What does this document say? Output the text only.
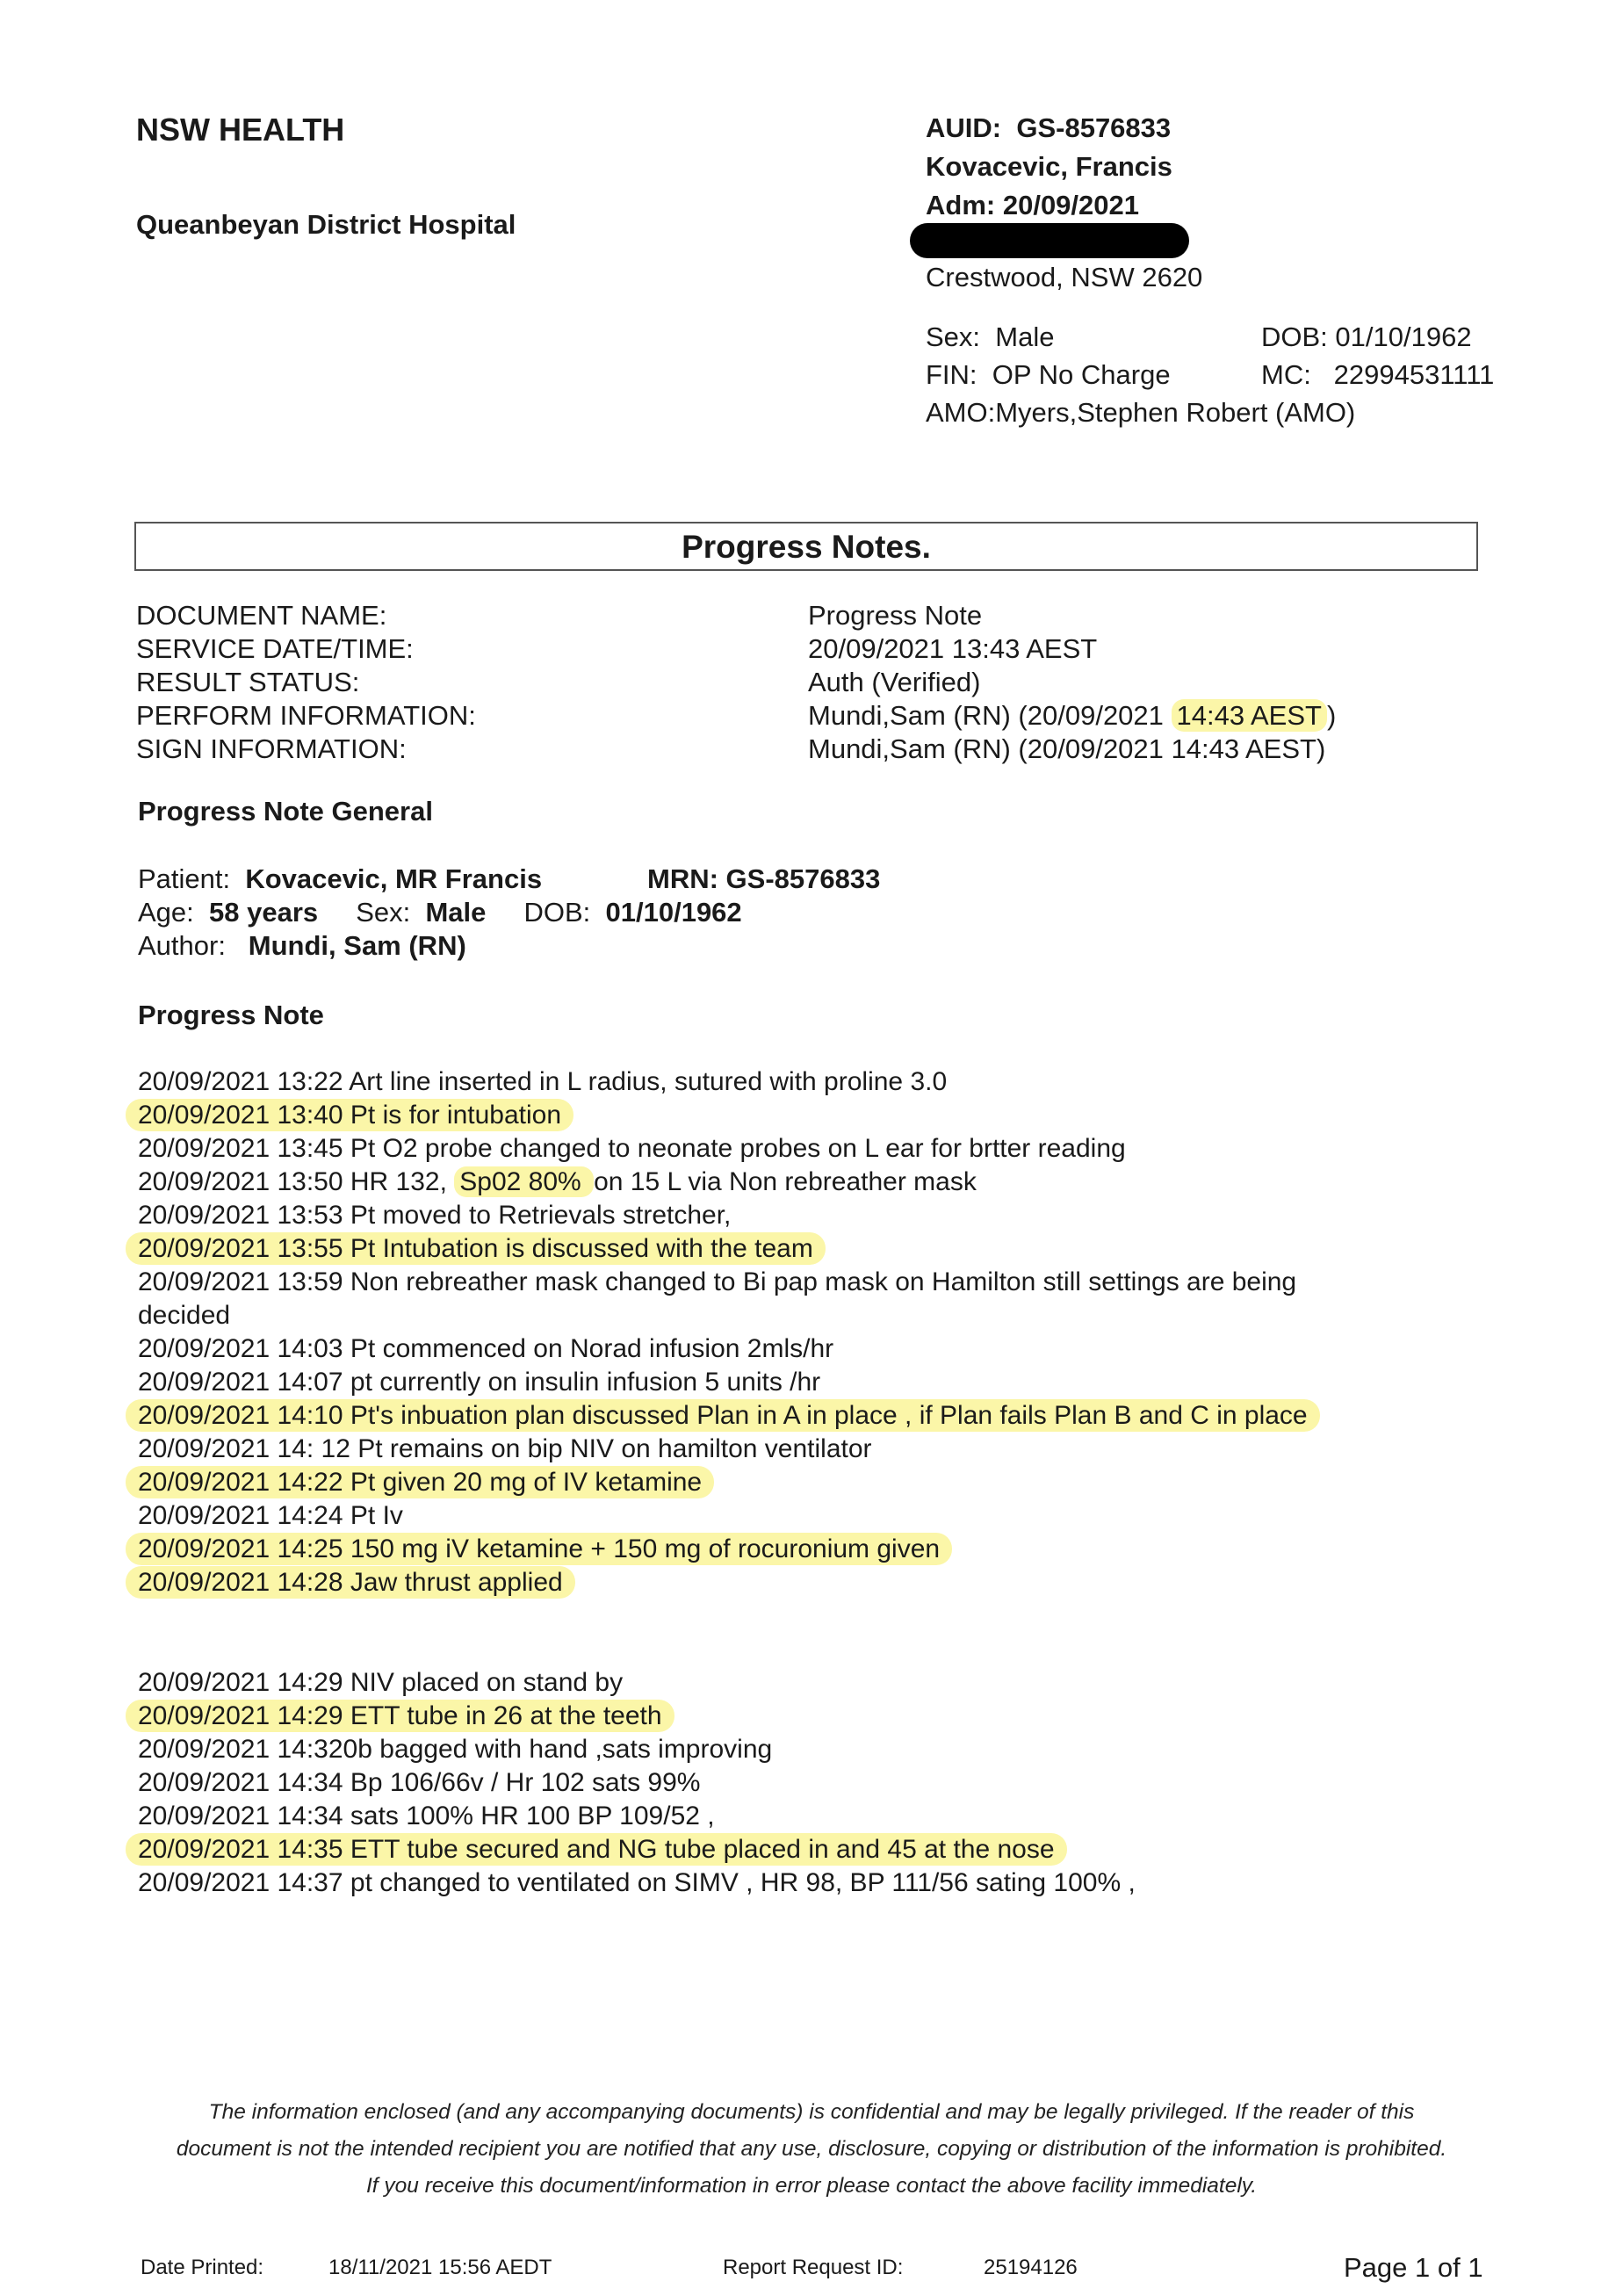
NSW HEALTH
Queanbeyan District Hospital
AUID: GS-8576833
Kovacevic, Francis
Adm: 20/09/2021
Crestwood, NSW 2620
Sex: Male	DOB: 01/10/1962
FIN: OP No Charge	MC: 22994531111
AMO:Myers,Stephen Robert (AMO)
Progress Notes.
DOCUMENT NAME:	Progress Note
SERVICE DATE/TIME:	20/09/2021 13:43 AEST
RESULT STATUS:	Auth (Verified)
PERFORM INFORMATION:	Mundi,Sam (RN) (20/09/2021 14:43 AEST )
SIGN INFORMATION:	Mundi,Sam (RN) (20/09/2021 14:43 AEST)
Progress Note General
Patient: Kovacevic, MR Francis	MRN: GS-8576833
Age: 58 years Sex: Male DOB: 01/10/1962
Author: Mundi, Sam (RN)
Progress Note
20/09/2021 13:22 Art line inserted in L radius, sutured with proline 3.0
20/09/2021 13:40 Pt is for intubation
20/09/2021 13:45 Pt O2 probe changed to neonate probes on L ear for brtter reading
20/09/2021 13:50 HR 132, Sp02 80% on 15 L via Non rebreather mask
20/09/2021 13:53 Pt moved to Retrievals stretcher,
20/09/2021 13:55 Pt Intubation is discussed with the team
20/09/2021 13:59 Non rebreather mask changed to Bi pap mask on Hamilton still settings are being
decided
20/09/2021 14:03 Pt commenced on Norad infusion 2mls/hr
20/09/2021 14:07 pt currently on insulin infusion 5 units /hr
20/09/2021 14:10 Pt's inbuation plan discussed Plan in A in place , if Plan fails Plan B and C in place
20/09/2021 14: 12 Pt remains on bip NIV on hamilton ventilator
20/09/2021 14:22 Pt given 20 mg of IV ketamine
20/09/2021 14:24 Pt Iv
20/09/2021 14:25 150 mg iV ketamine + 150 mg of rocuronium given
20/09/2021 14:28 Jaw thrust applied
20/09/2021 14:29 NIV placed on stand by
20/09/2021 14:29 ETT tube in 26 at the teeth
20/09/2021 14:320b bagged with hand ,sats improving
20/09/2021 14:34 Bp 106/66v / Hr 102 sats 99%
20/09/2021 14:34 sats 100% HR 100 BP 109/52 ,
20/09/2021 14:35 ETT tube secured and NG tube placed in and 45 at the nose
20/09/2021 14:37 pt changed to ventilated on SIMV , HR 98, BP 111/56 sating 100% ,
The information enclosed (and any accompanying documents) is confidential and may be legally privileged. If the reader of this document is not the intended recipient you are notified that any use, disclosure, copying or distribution of the information is prohibited. If you receive this document/information in error please contact the above facility immediately.
Date Printed:	18/11/2021 15:56 AEDT	Report Request ID:	25194126	Page 1 of 1
